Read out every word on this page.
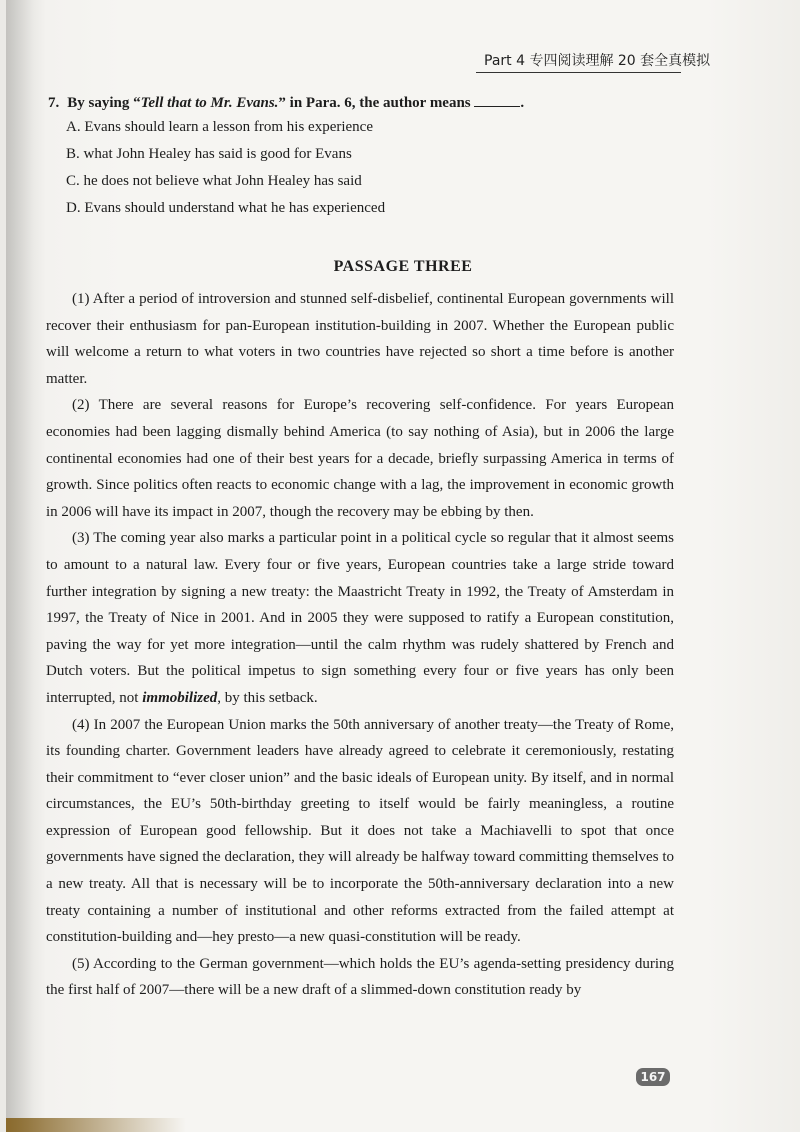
Part 4 专四阅读理解 20 套全真模拟
7. By saying “Tell that to Mr. Evans.” in Para. 6, the author means	.
A. Evans should learn a lesson from his experience
B. what John Healey has said is good for Evans
C. he does not believe what John Healey has said
D. Evans should understand what he has experienced
PASSAGE THREE

(1) After a period of introversion and stunned self-disbelief, continental European governments will recover their enthusiasm for pan-European institution-building in 2007. Whether the European public will welcome a return to what voters in two countries have rejected so short a time before is another matter.

(2) There are several reasons for Europe’s recovering self-confidence. For years European economies had been lagging dismally behind America (to say nothing of Asia), but in 2006 the large continental economies had one of their best years for a decade, briefly surpassing America in terms of growth. Since politics often reacts to economic change with a lag, the improvement in economic growth in 2006 will have its impact in 2007, though the recovery may be ebbing by then.

(3) The coming year also marks a particular point in a political cycle so regular that it almost seems to amount to a natural law. Every four or five years, European countries take a large stride toward further integration by signing a new treaty: the Maastricht Treaty in 1992, the Treaty of Amsterdam in 1997, the Treaty of Nice in 2001. And in 2005 they were supposed to ratify a European constitution, paving the way for yet more integration—until the calm rhythm was rudely shattered by French and Dutch voters. But the political impetus to sign something every four or five years has only been interrupted, not immobilized, by this setback.

(4) In 2007 the European Union marks the 50th anniversary of another treaty—the Treaty of Rome, its founding charter. Government leaders have already agreed to celebrate it ceremoniously, restating their commitment to “ever closer union” and the basic ideals of European unity. By itself, and in normal circumstances, the EU’s 50th-birthday greeting to itself would be fairly meaningless, a routine expression of European good fellowship. But it does not take a Machiavelli to spot that once governments have signed the declaration, they will already be halfway toward committing themselves to a new treaty. All that is necessary will be to incorporate the 50th-anniversary declaration into a new treaty containing a number of institutional and other reforms extracted from the failed attempt at constitution-building and—hey presto—a new quasi-constitution will be ready.

(5) According to the German government—which holds the EU’s agenda-setting presidency during the first half of 2007—there will be a new draft of a slimmed-down constitution ready by

167
